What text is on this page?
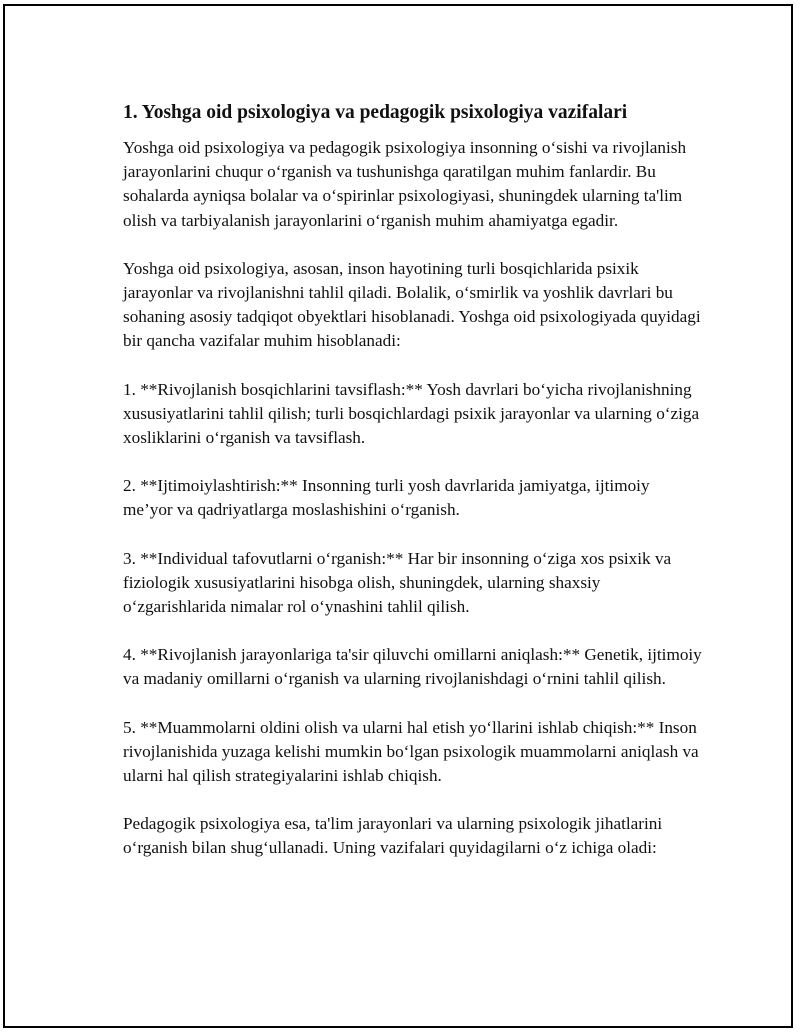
1. Yoshga oid psixologiya va pedagogik psixologiya vazifalari

Yoshga oid psixologiya va pedagogik psixologiya insonning o‘sishi va rivojlanish jarayonlarini chuqur o‘rganish va tushunishga qaratilgan muhim fanlardir. Bu sohalarda ayniqsa bolalar va o‘spirinlar psixologiyasi, shuningdek ularning ta'lim olish va tarbiyalanish jarayonlarini o‘rganish muhim ahamiyatga egadir.

Yoshga oid psixologiya, asosan, inson hayotining turli bosqichlarida psixik jarayonlar va rivojlanishni tahlil qiladi. Bolalik, o‘smirlik va yoshlik davrlari bu sohaning asosiy tadqiqot obyektlari hisoblanadi. Yoshga oid psixologiyada quyidagi bir qancha vazifalar muhim hisoblanadi:

1. **Rivojlanish bosqichlarini tavsiflash:** Yosh davrlari bo‘yicha rivojlanishning xususiyatlarini tahlil qilish; turli bosqichlardagi psixik jarayonlar va ularning o‘ziga xosliklarini o‘rganish va tavsiflash.

2. **Ijtimoiylashtirish:** Insonning turli yosh davrlarida jamiyatga, ijtimoiy me’yor va qadriyatlarga moslashishini o‘rganish.

3. **Individual tafovutlarni o‘rganish:** Har bir insonning o‘ziga xos psixik va fiziologik xususiyatlarini hisobga olish, shuningdek, ularning shaxsiy o‘zgarishlarida nimalar rol o‘ynashini tahlil qilish.

4. **Rivojlanish jarayonlariga ta'sir qiluvchi omillarni aniqlash:** Genetik, ijtimoiy va madaniy omillarni o‘rganish va ularning rivojlanishdagi o‘rnini tahlil qilish.

5. **Muammolarni oldini olish va ularni hal etish yo‘llarini ishlab chiqish:** Inson rivojlanishida yuzaga kelishi mumkin bo‘lgan psixologik muammolarni aniqlash va ularni hal qilish strategiyalarini ishlab chiqish.

Pedagogik psixologiya esa, ta'lim jarayonlari va ularning psixologik jihatlarini o‘rganish bilan shug‘ullanadi. Uning vazifalari quyidagilarni o‘z ichiga oladi:
